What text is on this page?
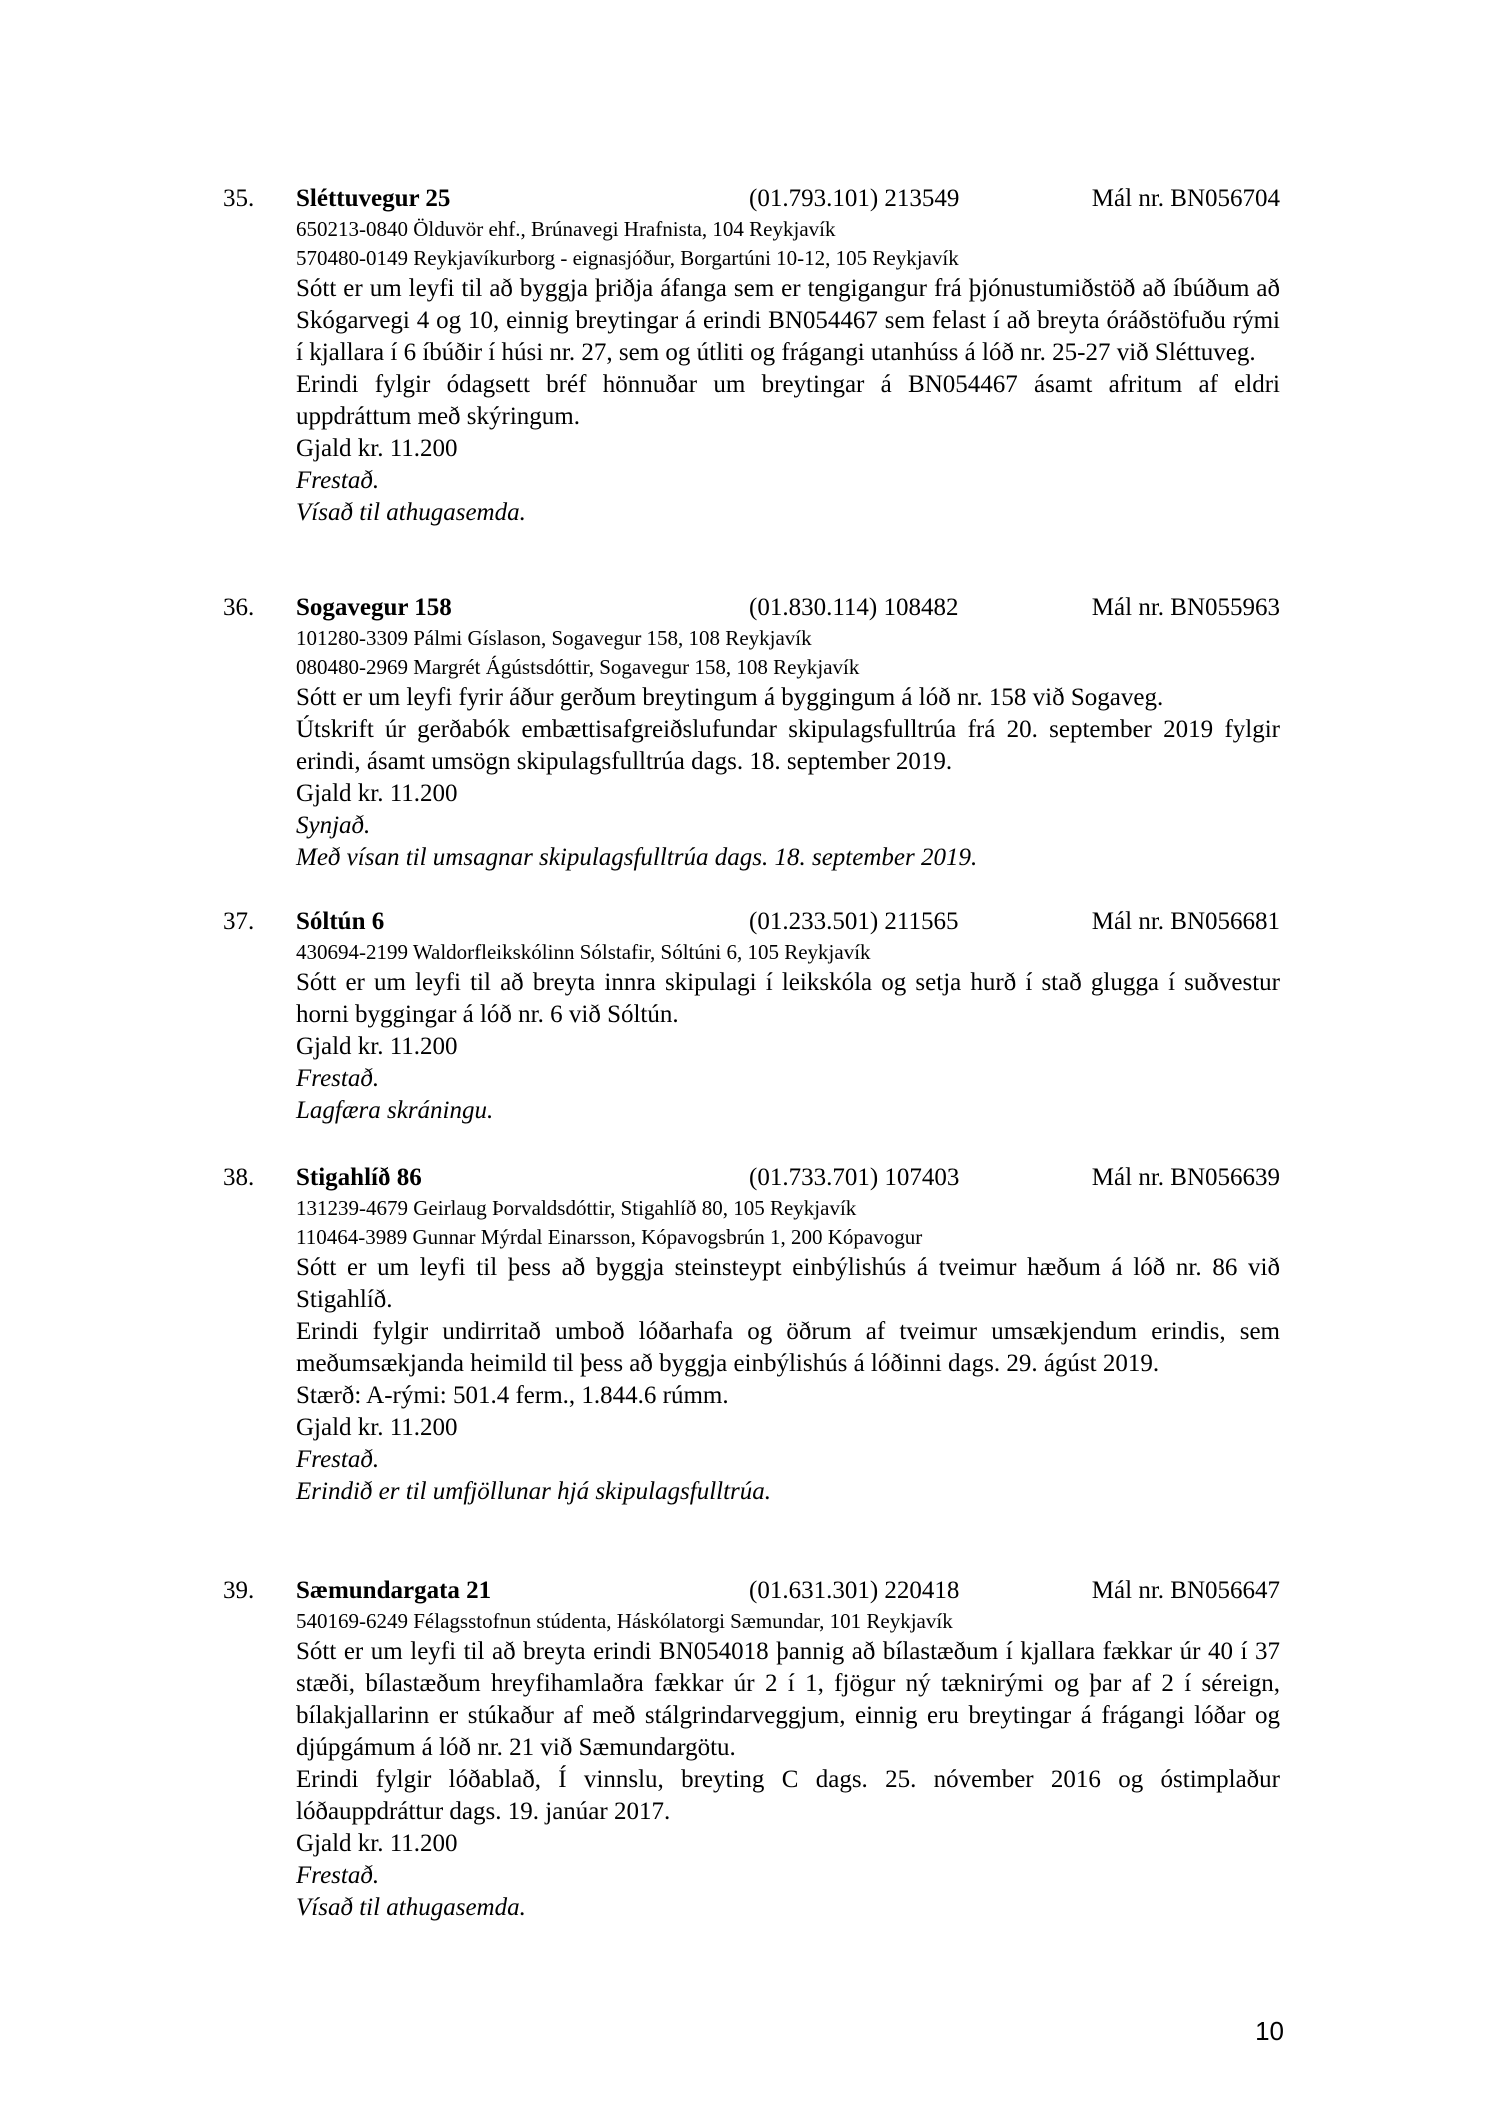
35. Sléttuvegur 25	(01.793.101) 213549	Mál nr. BN056704
650213-0840 Ölduvör ehf., Brúnavegi Hrafnista, 104 Reykjavík
570480-0149 Reykjavíkurborg - eignasjóður, Borgartúni 10-12, 105 Reykjavík
Sótt er um leyfi til að byggja þriðja áfanga sem er tengigangur frá þjónustumiðstöð að íbúðum að Skógarvegi 4 og 10, einnig breytingar á erindi BN054467 sem felast í að breyta óráðstöfuðu rými í kjallara í 6 íbúðir í húsi nr. 27, sem og útliti og frágangi utanhúss á lóð nr. 25-27 við Sléttuveg.
Erindi fylgir ódagsett bréf hönnuðar um breytingar á BN054467 ásamt afritum af eldri uppdráttum með skýringum.
Gjald kr. 11.200
Frestað.
Vísað til athugasemda.
36. Sogavegur 158	(01.830.114) 108482	Mál nr. BN055963
101280-3309 Pálmi Gíslason, Sogavegur 158, 108 Reykjavík
080480-2969 Margrét Ágústsdóttir, Sogavegur 158, 108 Reykjavík
Sótt er um leyfi fyrir áður gerðum breytingum á byggingum á lóð nr. 158 við Sogaveg.
Útskrift úr gerðabók embættisafgreiðslufundar skipulagsfulltrúa frá 20. september 2019 fylgir erindi, ásamt umsögn skipulagsfulltrúa dags. 18. september 2019.
Gjald kr. 11.200
Synjað.
Með vísan til umsagnar skipulagsfulltrúa dags. 18. september 2019.
37. Sóltún 6	(01.233.501) 211565	Mál nr. BN056681
430694-2199 Waldorfleikskólinn Sólstafir, Sóltúni 6, 105 Reykjavík
Sótt er um leyfi til að breyta innra skipulagi í leikskóla og setja hurð í stað glugga í suðvestur horni byggingar á lóð nr. 6 við Sóltún.
Gjald kr. 11.200
Frestað.
Lagfæra skráningu.
38. Stigahlíð 86	(01.733.701) 107403	Mál nr. BN056639
131239-4679 Geirlaug Þorvaldsdóttir, Stigahlíð 80, 105 Reykjavík
110464-3989 Gunnar Mýrdal Einarsson, Kópavogsbrún 1, 200 Kópavogur
Sótt er um leyfi til þess að byggja steinsteypt einbýlishús á tveimur hæðum á lóð nr. 86 við Stigahlíð.
Erindi fylgir undirritað umboð lóðarhafa og öðrum af tveimur umsækjendum erindis, sem meðumsækjanda heimild til þess að byggja einbýlishús á lóðinni dags. 29. ágúst 2019.
Stærð: A-rými: 501.4 ferm., 1.844.6 rúmm.
Gjald kr. 11.200
Frestað.
Erindið er til umfjöllunar hjá skipulagsfulltrúa.
39. Sæmundargata 21	(01.631.301) 220418	Mál nr. BN056647
540169-6249 Félagsstofnun stúdenta, Háskólatorgi Sæmundar, 101 Reykjavík
Sótt er um leyfi til að breyta erindi BN054018 þannig að bílastæðum í kjallara fækkar úr 40 í 37 stæði, bílastæðum hreyfihamlaðra fækkar úr 2 í 1, fjögur ný tæknirými og þar af 2 í séreign, bílakjallarinn er stúkaður af með stálgrindarveggjum, einnig eru breytingar á frágangi lóðar og djúpgámum á lóð nr. 21 við Sæmundargötu.
Erindi fylgir lóðablað, Í vinnslu, breyting C dags. 25. nóvember 2016 og óstimplaður lóðauppdráttur dags. 19. janúar 2017.
Gjald kr. 11.200
Frestað.
Vísað til athugasemda.
10
